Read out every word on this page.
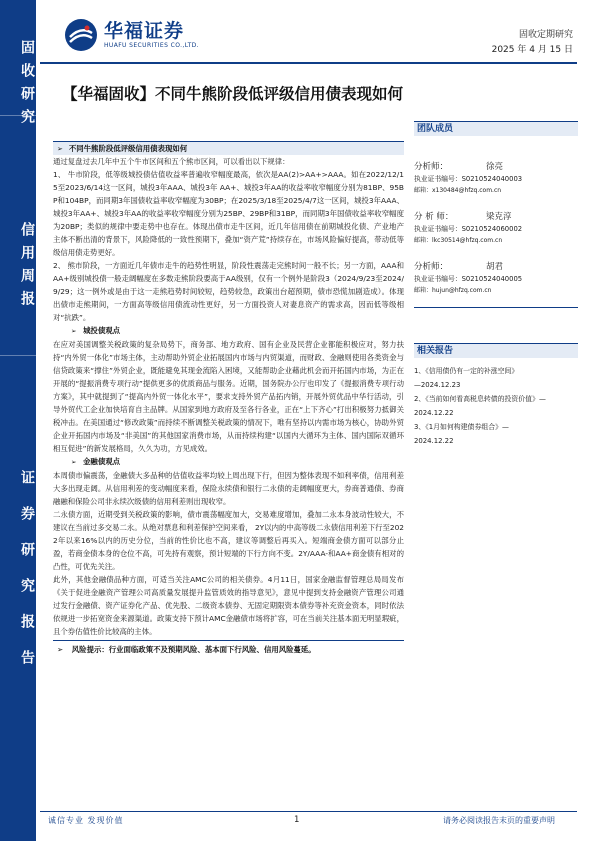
固收研究
信用周报
证券研究报告
华福证券
HUAFU SECURITIES CO.,LTD.
固收定期研究
2025 年 4 月 15 日
【华福固收】不同牛熊阶段低评级信用债表现如何
➢ 不同牛熊阶段低评级信用债表现如何

通过复盘过去几年中五个牛市区间和五个熊市区间，可以看出以下规律：

1、 牛市阶段，低等级城投债估值收益率普遍收窄幅度最高，依次是AA(2)>AA+>AAA。如在2022/12/15至2023/6/14这一区间，城投3年AAA、城投3年 AA+、城投3年AA的收益率收窄幅度分别为81BP、95BP和104BP，而同期3年国债收益率收窄幅度为30BP；在2025/3/18至2025/4/7这一区间，城投3年AAA、城投3年AA+、城投3年AA的收益率收窄幅度分别为25BP、29BP和31BP，而同期3年国债收益率收窄幅度为20BP；类似的规律中要走势中也存在。体现出债市走牛区间，近几年信用债在前期城投化债、产业地产主体不断出清的背景下，风险降低的一致性预期下，叠加“资产荒”持续存在，市场风险偏好提高，带动低等级信用债走势更好。

2、 熊市阶段，一方面近几年债市走牛的趋势性明显，阶段性震荡走完熊时间一般不长；另一方面，AAA和AA+级别城投债一般走阔幅度在多数走熊阶段要高于AA级别，仅有一个例外是阶段3（2024/9/23至2024/9/29；这一例外或是由于这一走熊趋势时间较短，趋势较急，政策出台超预期，债市恐慌加剧造成）。体现出债市走熊期间，一方面高等级信用债流动性更好，另一方面投资人对妻息资产的需求高，因而低等级相对“抗跌”。

➢ 城投债观点

在应对美国调整关税政策的复杂局势下，商务部、地方政府、国有企业及民营企业都能积极应对，努力扶持“内外贸一体化”市场主体，主动帮助外贸企业拓展国内市场与内贸渠道，而财政、金融则使用各类资金与信贷政策来“撑住”外贸企业，既能避免其现金流陷入困境，又能帮助企业藉此机会而开拓国内市场，为正在开展的“提振消费专项行动”提供更多的优质商品与服务。近期，国务院办公厅也印发了《提振消费专项行动方案》，其中就提到了“提高内外贸一体化水平”，要求支持外贸产品拓内销，开展外贸优品中华行活动，引导外贸代工企业加快培育自主品牌。从国家到地方政府及至各行各业，正在“上下齐心”打出积极努力抵御关税冲击。在美国通过“修改政策”而持续不断调整关税政策的情况下，唯有坚持以内需市场为核心，协助外贸企业开拓国内市场及“非美国”的其他国家消费市场，从而持续构建“以国内大循环为主体、国内国际双循环相互促进”的新发展格局，久久为功，方见成效。

➢ 金融债观点

本周债市偏震荡，金融债大多品种的估值收益率均较上周出现下行，但因为整体表现不如利率债，信用利差大多出现走阔。从信用利差的变动幅度来看，保险永续债和银行二永债的走阔幅度更大，券商普通债、券商融融和保险公司非永续次级债的信用利差则出现收窄。

二永债方面，近期受到关税政策的影响，债市震荡幅度加大，交易难度增加，叠加二永本身波动性较大，不建议在当前过多交易二永。从绝对票息和利差保护空间来看， 2Y以内的中高等级二永债信用利差下行至2022年以来16%以内的历史分位，当前的性价比也不高，建议等调整后再买入。短端商金债方面可以部分止盈，若商金债本身的仓位不高，可先持有观察，预计短端的下行方向不变。2Y/AAA-和AA+商金债有相对的凸性，可优先关注。

此外，其他金融债品种方面，可适当关注AMC公司的相关债券。4月11日，国家金融监督管理总局局发布《关于促进金融资产管理公司高质量发展提升监管质效的指导意见》，意见中提到支持金融资产管理公司通过发行金融债、资产证券化产品、优先股、二级资本债券、无固定期限资本债券等补充资金资本，同时依法依规进一步拓宽资金来源渠道。政策支持下预计AMC金融债市场将扩容，可在当前关注基本面无明显瑕疵，且个券估值性价比较高的主体。

➢ 风险提示：行业面临政策不及预期风险、基本面下行风险、信用风险蔓延。
团队成员
分析师：	徐亮
执业证书编号：S0210524040003
邮箱：x130484@hfzq.com.cn
分 析 师：	梁克淳
执业证书编号：S0210524060002
邮箱：lkc30514@hfzq.com.cn
分析师：	胡君
执业证书编号：S0210524040005
邮箱：hujun@hfzq.com.cn
相关报告
1、《信用债仍有一定的补涨空间》
—2024.12.23
2、《当前如何看高税息转债的投资价值》—2024.12.22
3、《1月如何构建债券组合》—
2024.12.22
诚信专业 发现价值	1	请务必阅读报告末页的重要声明
